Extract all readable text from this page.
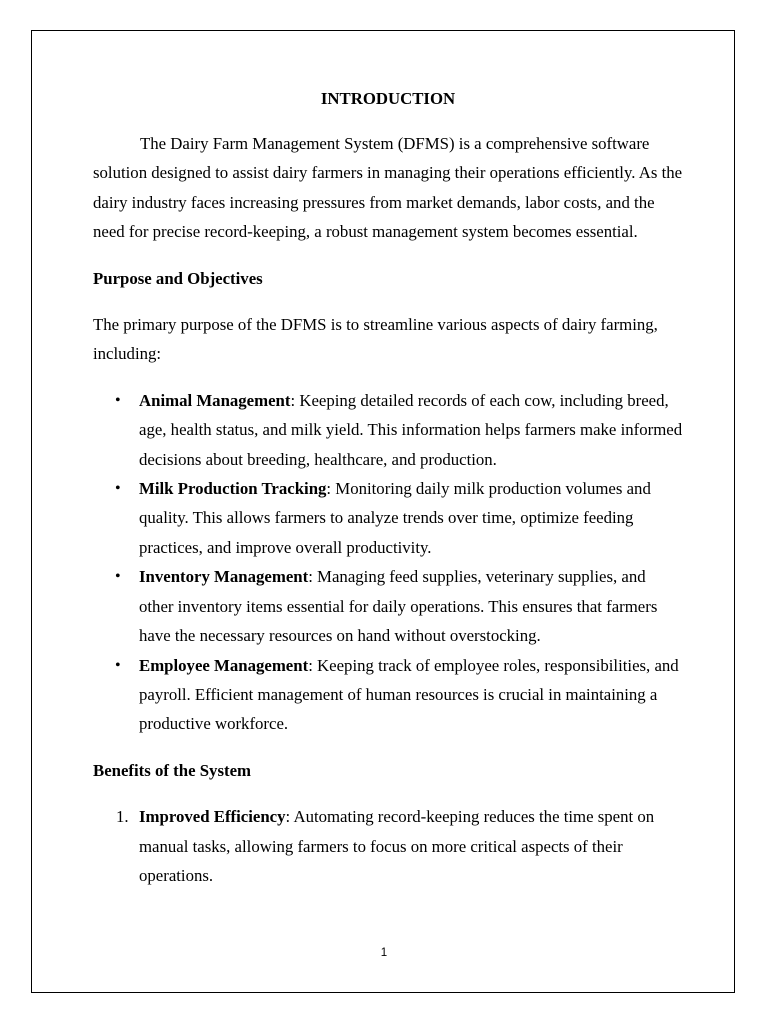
INTRODUCTION

The Dairy Farm Management System (DFMS) is a comprehensive software solution designed to assist dairy farmers in managing their operations efficiently. As the dairy industry faces increasing pressures from market demands, labor costs, and the need for precise record-keeping, a robust management system becomes essential.

Purpose and Objectives

The primary purpose of the DFMS is to streamline various aspects of dairy farming, including:

• Animal Management: Keeping detailed records of each cow, including breed, age, health status, and milk yield. This information helps farmers make informed decisions about breeding, healthcare, and production.
• Milk Production Tracking: Monitoring daily milk production volumes and quality. This allows farmers to analyze trends over time, optimize feeding practices, and improve overall productivity.
• Inventory Management: Managing feed supplies, veterinary supplies, and other inventory items essential for daily operations. This ensures that farmers have the necessary resources on hand without overstocking.
• Employee Management: Keeping track of employee roles, responsibilities, and payroll. Efficient management of human resources is crucial in maintaining a productive workforce.

Benefits of the System

1. Improved Efficiency: Automating record-keeping reduces the time spent on manual tasks, allowing farmers to focus on more critical aspects of their operations.
1
